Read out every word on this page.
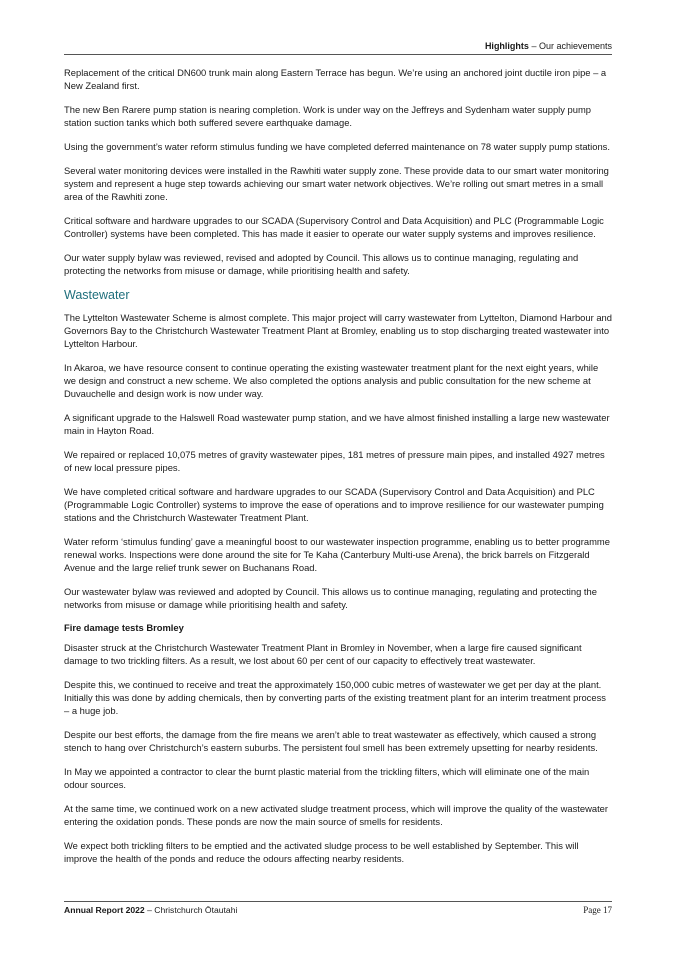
Highlights – Our achievements

Replacement of the critical DN600 trunk main along Eastern Terrace has begun. We’re using an anchored joint ductile iron pipe – a New Zealand first.

The new Ben Rarere pump station is nearing completion. Work is under way on the Jeffreys and Sydenham water supply pump station suction tanks which both suffered severe earthquake damage.

Using the government’s water reform stimulus funding we have completed deferred maintenance on 78 water supply pump stations.

Several water monitoring devices were installed in the Rawhiti water supply zone. These provide data to our smart water monitoring system and represent a huge step towards achieving our smart water network objectives. We’re rolling out smart metres in a small area of the Rawhiti zone.

Critical software and hardware upgrades to our SCADA (Supervisory Control and Data Acquisition) and PLC (Programmable Logic Controller) systems have been completed. This has made it easier to operate our water supply systems and improves resilience.

Our water supply bylaw was reviewed, revised and adopted by Council. This allows us to continue managing, regulating and protecting the networks from misuse or damage, while prioritising health and safety.

Wastewater

The Lyttelton Wastewater Scheme is almost complete. This major project will carry wastewater from Lyttelton, Diamond Harbour and Governors Bay to the Christchurch Wastewater Treatment Plant at Bromley, enabling us to stop discharging treated wastewater into Lyttelton Harbour.

In Akaroa, we have resource consent to continue operating the existing wastewater treatment plant for the next eight years, while we design and construct a new scheme. We also completed the options analysis and public consultation for the new scheme at Duvauchelle and design work is now under way.

A significant upgrade to the Halswell Road wastewater pump station, and we have almost finished installing a large new wastewater main in Hayton Road.

We repaired or replaced 10,075 metres of gravity wastewater pipes, 181 metres of pressure main pipes, and installed 4927 metres of new local pressure pipes.

We have completed critical software and hardware upgrades to our SCADA (Supervisory Control and Data Acquisition) and PLC (Programmable Logic Controller) systems to improve the ease of operations and to improve resilience for our wastewater pumping stations and the Christchurch Wastewater Treatment Plant.

Water reform ‘stimulus funding’ gave a meaningful boost to our wastewater inspection programme, enabling us to better programme renewal works. Inspections were done around the site for Te Kaha (Canterbury Multi-use Arena), the brick barrels on Fitzgerald Avenue and the large relief trunk sewer on Buchanans Road.

Our wastewater bylaw was reviewed and adopted by Council. This allows us to continue managing, regulating and protecting the networks from misuse or damage while prioritising health and safety.

Fire damage tests Bromley

Disaster struck at the Christchurch Wastewater Treatment Plant in Bromley in November, when a large fire caused significant damage to two trickling filters. As a result, we lost about 60 per cent of our capacity to effectively treat wastewater.

Despite this, we continued to receive and treat the approximately 150,000 cubic metres of wastewater we get per day at the plant. Initially this was done by adding chemicals, then by converting parts of the existing treatment plant for an interim treatment process – a huge job.

Despite our best efforts, the damage from the fire means we aren’t able to treat wastewater as effectively, which caused a strong stench to hang over Christchurch’s eastern suburbs. The persistent foul smell has been extremely upsetting for nearby residents.

In May we appointed a contractor to clear the burnt plastic material from the trickling filters, which will eliminate one of the main odour sources.

At the same time, we continued work on a new activated sludge treatment process, which will improve the quality of the wastewater entering the oxidation ponds. These ponds are now the main source of smells for residents.

We expect both trickling filters to be emptied and the activated sludge process to be well established by September. This will improve the health of the ponds and reduce the odours affecting nearby residents.

Annual Report 2022 – Christchurch Ōtautahi	Page 17
